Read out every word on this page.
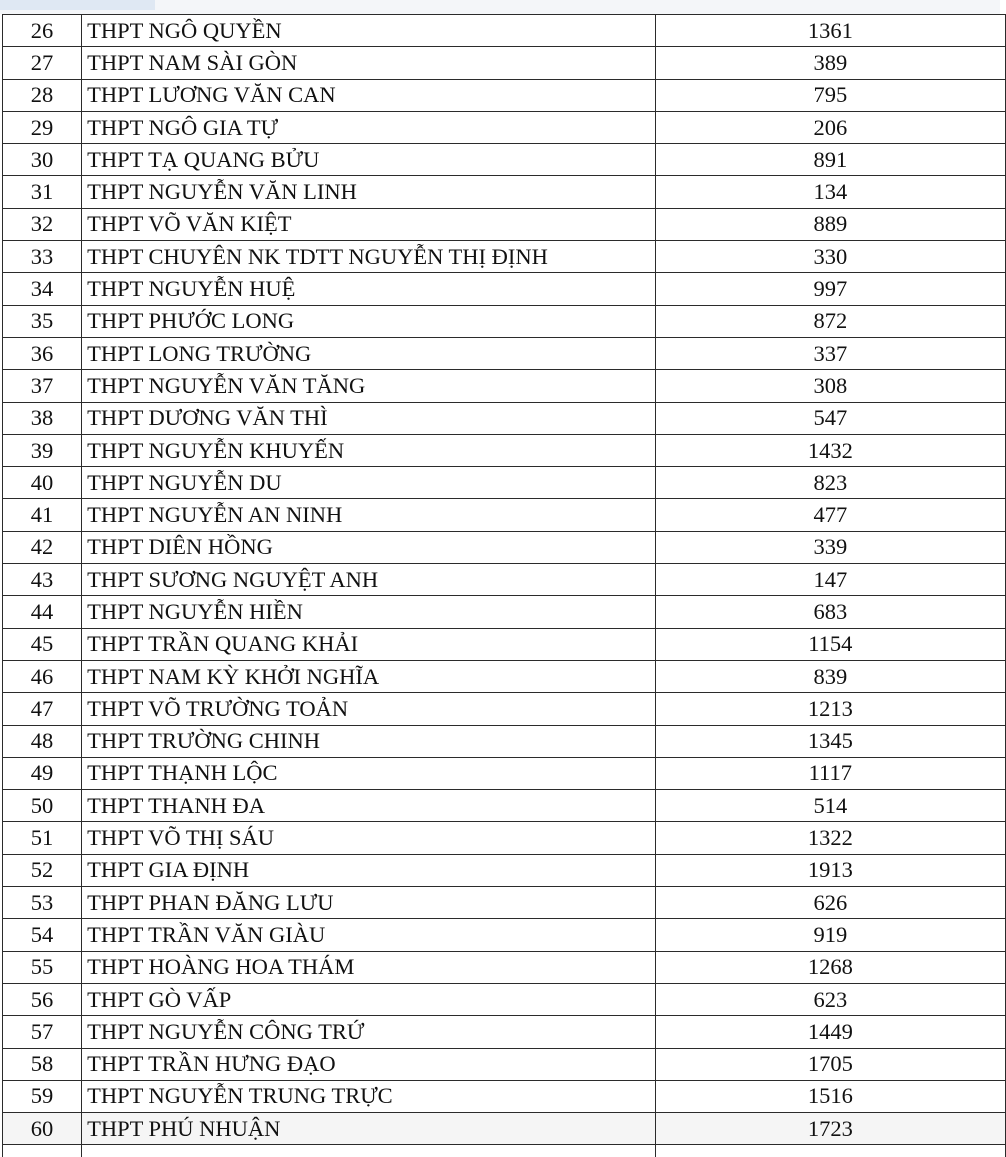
26	THPT NGÔ QUYỀN	1361
27	THPT NAM SÀI GÒN	389
28	THPT LƯƠNG VĂN CAN	795
29	THPT NGÔ GIA TỰ	206
30	THPT TẠ QUANG BỬU	891
31	THPT NGUYỄN VĂN LINH	134
32	THPT VÕ VĂN KIỆT	889
33	THPT CHUYÊN NK TDTT NGUYỄN THỊ ĐỊNH	330
34	THPT NGUYỄN HUỆ	997
35	THPT PHƯỚC LONG	872
36	THPT LONG TRƯỜNG	337
37	THPT NGUYỄN VĂN TĂNG	308
38	THPT DƯƠNG VĂN THÌ	547
39	THPT NGUYỄN KHUYẾN	1432
40	THPT NGUYỄN DU	823
41	THPT NGUYỄN AN NINH	477
42	THPT DIÊN HỒNG	339
43	THPT SƯƠNG NGUYỆT ANH	147
44	THPT NGUYỄN HIỀN	683
45	THPT TRẦN QUANG KHẢI	1154
46	THPT NAM KỲ KHỞI NGHĨA	839
47	THPT VÕ TRƯỜNG TOẢN	1213
48	THPT TRƯỜNG CHINH	1345
49	THPT THẠNH LỘC	1117
50	THPT THANH ĐA	514
51	THPT VÕ THỊ SÁU	1322
52	THPT GIA ĐỊNH	1913
53	THPT PHAN ĐĂNG LƯU	626
54	THPT TRẦN VĂN GIÀU	919
55	THPT HOÀNG HOA THÁM	1268
56	THPT GÒ VẤP	623
57	THPT NGUYỄN CÔNG TRỨ	1449
58	THPT TRẦN HƯNG ĐẠO	1705
59	THPT NGUYỄN TRUNG TRỰC	1516
60	THPT PHÚ NHUẬN	1723
